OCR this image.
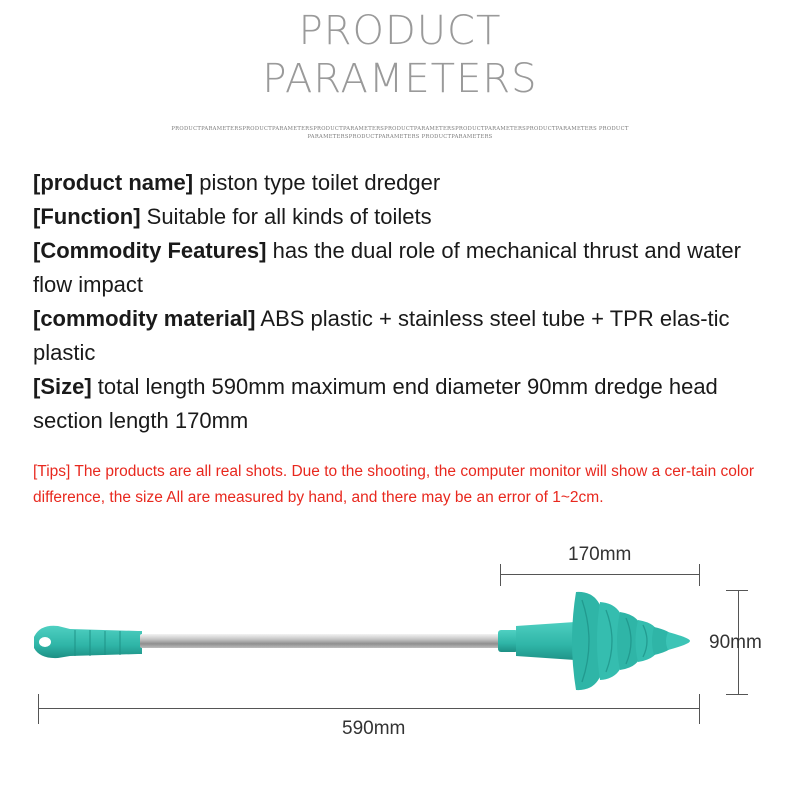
PRODUCT
PARAMETERS
PRODUCTPARAMETERSPRODUCTPARAMETERSPRODUCTPARAMETERSPRODUCTPARAMETERSPRODUCTPARAMETERSPRODUCTPARAMETERS PRODUCTPARAMETERSPRODUCTPARAMETERS PRODUCTPARAMETERS

[product name] piston type toilet dredger

[Function] Suitable for all kinds of toilets

[Commodity Features] has the dual role of mechanical thrust and water flow impact

[commodity material] ABS plastic + stainless steel tube + TPR elas-tic plastic

[Size] total length 590mm maximum end diameter 90mm dredge head section length 170mm

[Tips] The products are all real shots. Due to the shooting, the computer monitor will show a cer-tain color difference, the size All are measured by hand, and there may be an error of 1~2cm.
170mm
90mm
590mm
